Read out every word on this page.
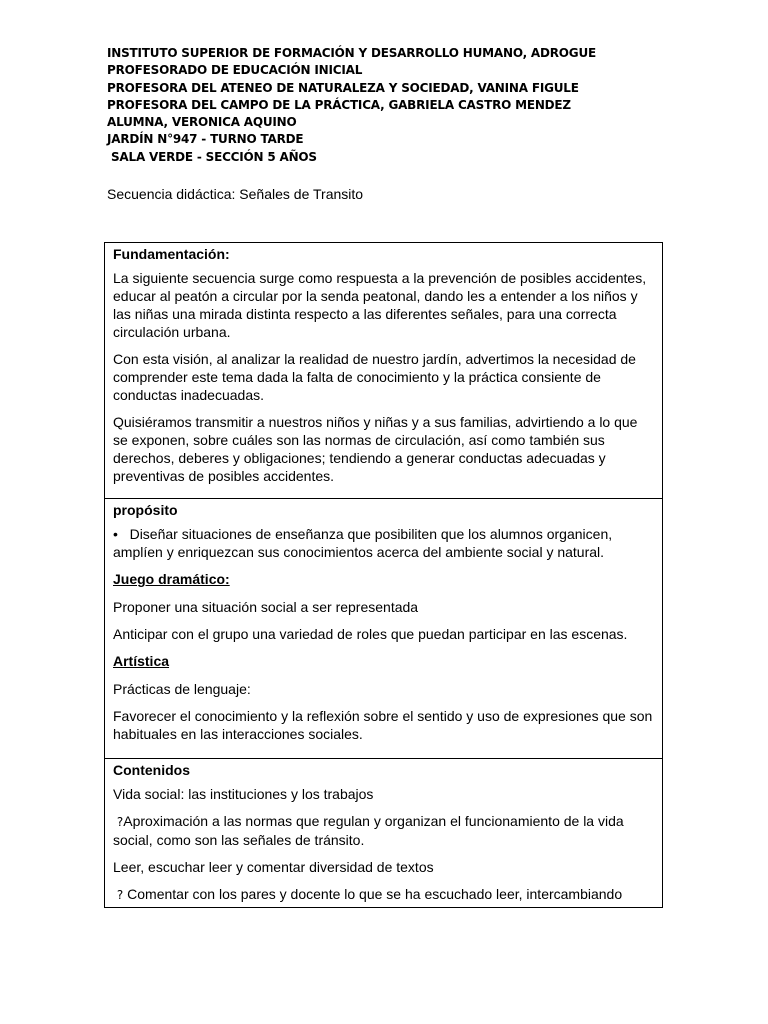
INSTITUTO SUPERIOR DE FORMACIÓN Y DESARROLLO HUMANO, ADROGUE
PROFESORADO DE EDUCACIÓN INICIAL
PROFESORA DEL ATENEO DE NATURALEZA Y SOCIEDAD, VANINA FIGULE
PROFESORA DEL CAMPO DE LA PRÁCTICA, GABRIELA CASTRO MENDEZ
ALUMNA, VERONICA AQUINO
JARDÍN N°947 - TURNO TARDE
SALA VERDE - SECCIÓN 5 AÑOS
Secuencia didáctica: Señales de Transito
Fundamentación:

La siguiente secuencia surge como respuesta a la prevención de posibles accidentes, educar al peatón a circular por la senda peatonal, dando les a entender a los niños y las niñas una mirada distinta respecto a las diferentes señales, para una correcta circulación urbana.

Con esta visión, al analizar la realidad de nuestro jardín, advertimos la necesidad de comprender este tema dada la falta de conocimiento y la práctica consiente de conductas inadecuadas.

Quisiéramos transmitir a nuestros niños y niñas y a sus familias, advirtiendo a lo que se exponen, sobre cuáles son las normas de circulación, así como también sus derechos, deberes y obligaciones; tendiendo a generar conductas adecuadas y preventivas de posibles accidentes.

propósito

• Diseñar situaciones de enseñanza que posibiliten que los alumnos organicen, amplíen y enriquezcan sus conocimientos acerca del ambiente social y natural.

Juego dramático:

Proponer una situación social a ser representada

Anticipar con el grupo una variedad de roles que puedan participar en las escenas.

Artística

Prácticas de lenguaje:

Favorecer el conocimiento y la reflexión sobre el sentido y uso de expresiones que son habituales en las interacciones sociales.

Contenidos

Vida social: las instituciones y los trabajos

?Aproximación a las normas que regulan y organizan el funcionamiento de la vida social, como son las señales de tránsito.

Leer, escuchar leer y comentar diversidad de textos

? Comentar con los pares y docente lo que se ha escuchado leer, intercambiando
